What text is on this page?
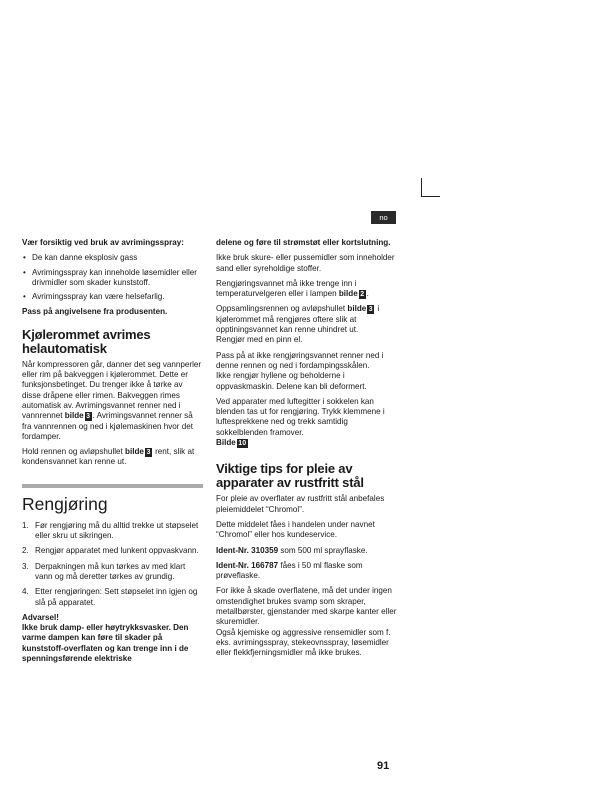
no

Vær forsiktig ved bruk av avrimingsspray:

• De kan danne eksplosiv gass
• Avrimingsspray kan inneholde løsemidler eller drivmidler som skader kunststoff.
• Avrimingsspray kan være helsefarlig.

Pass på angivelsene fra produsenten.

Kjølerommet avrimes helautomatisk

Når kompressoren går, danner det seg vannperler eller rim på bakveggen i kjølerommet. Dette er funksjonsbetinget. Du trenger ikke å tørke av disse dråpene eller rimen. Bakveggen rimes automatisk av. Avrimingsvannet renner ned i vannrennet bilde 3 . Avrimingsvannet renner så fra vannrennen og ned i kjølemaskinen hvor det fordamper.

Hold rennen og avløpshullet bilde 3 rent, slik at kondensvannet kan renne ut.

Rengjøring
1. Før rengjøring må du alltid trekke ut støpselet eller skru ut sikringen.
2. Rengjør apparatet med lunkent oppvaskvann.
3. Derpakningen må kun tørkes av med klart vann og må deretter tørkes av grundig.
4. Etter rengjøringen: Sett støpselet inn igjen og slå på apparatet.

Advarsel!

Ikke bruk damp- eller høytrykksvasker. Den varme dampen kan føre til skader på kunststoff-overflaten og kan trenge inn i de spenningsførende elektriske

delene og føre til strømstøt eller kortslutning.

Ikke bruk skure- eller pussemidler som inneholder sand eller syreholdige stoffer.

Rengjøringsvannet må ikke trenge inn i temperaturvelgeren eller i lampen bilde 2 .

Oppsamlingsrennen og avløpshullet bilde 3 i kjølerommet må rengjøres oftere slik at opptiningsvannet kan renne uhindret ut.
Rengjør med en pinn el.

Pass på at ikke rengjøringsvannet renner ned i denne rennen og ned i fordampingsskålen.
Ikke rengjør hyllene og beholderne i oppvaskmaskin. Delene kan bli deformert.

Ved apparater med luftegitter i sokkelen kan blenden tas ut for rengjøring. Trykk klemmene i luftesprekkene ned og trekk samtidig sokkelblenden framover.
Bilde 10

Viktige tips for pleie av apparater av rustfritt stål

For pleie av overflater av rustfritt stål anbefales pleiemiddelet “Chromol”.

Dette middelet fåes i handelen under navnet “Chromol” eller hos kundeservice.

Ident-Nr. 310359 som 500 ml sprayflaske.

Ident-Nr. 166787 fåes i 50 ml flaske som prøveflaske.

For ikke å skade overflatene, må det under ingen omstendighet brukes svamp som skraper, metallbørster, gjenstander med skarpe kanter eller skuremidler.
Også kjemiske og aggressive rensemidler som f. eks. avrimingsspray, stekeovnsspray, løsemidler eller flekkfjerningsmidler må ikke brukes.

91
